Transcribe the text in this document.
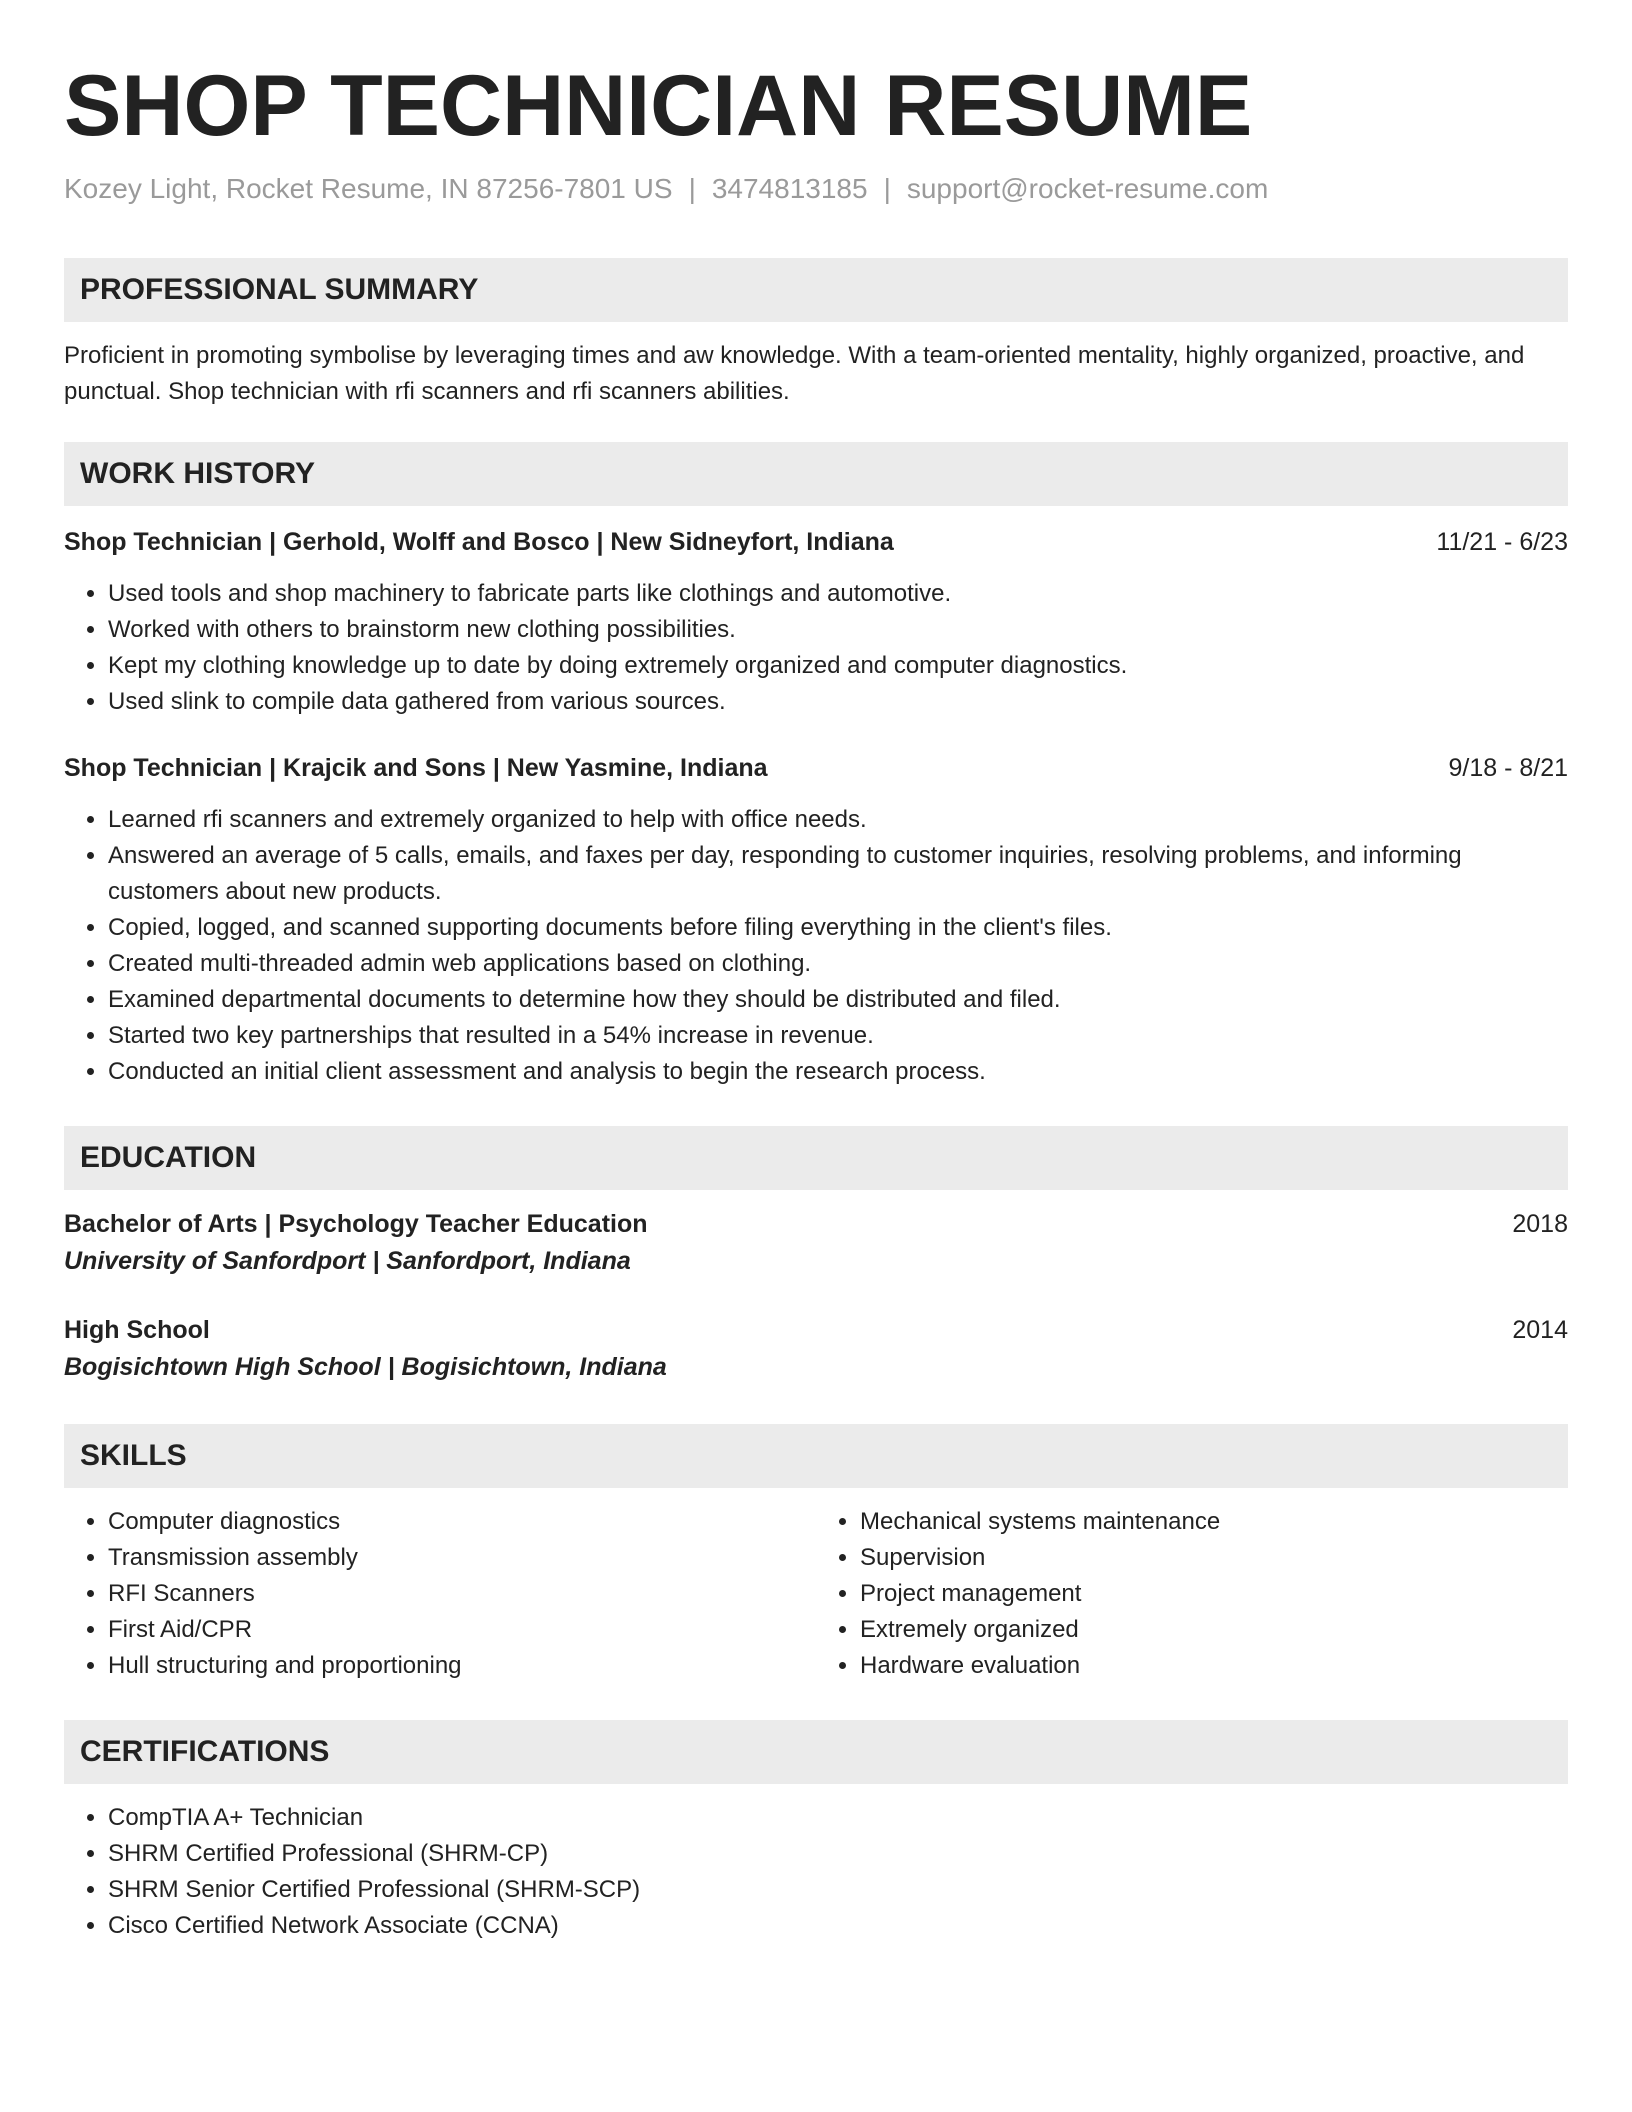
SHOP TECHNICIAN RESUME
Kozey Light, Rocket Resume, IN 87256-7801 US | 3474813185 | support@rocket-resume.com
PROFESSIONAL SUMMARY
Proficient in promoting symbolise by leveraging times and aw knowledge. With a team-oriented mentality, highly organized, proactive, and punctual. Shop technician with rfi scanners and rfi scanners abilities.
WORK HISTORY
Shop Technician | Gerhold, Wolff and Bosco | New Sidneyfort, Indiana	11/21 - 6/23
• Used tools and shop machinery to fabricate parts like clothings and automotive.
• Worked with others to brainstorm new clothing possibilities.
• Kept my clothing knowledge up to date by doing extremely organized and computer diagnostics.
• Used slink to compile data gathered from various sources.
Shop Technician | Krajcik and Sons | New Yasmine, Indiana	9/18 - 8/21
• Learned rfi scanners and extremely organized to help with office needs.
• Answered an average of 5 calls, emails, and faxes per day, responding to customer inquiries, resolving problems, and informing customers about new products.
• Copied, logged, and scanned supporting documents before filing everything in the client's files.
• Created multi-threaded admin web applications based on clothing.
• Examined departmental documents to determine how they should be distributed and filed.
• Started two key partnerships that resulted in a 54% increase in revenue.
• Conducted an initial client assessment and analysis to begin the research process.
EDUCATION
Bachelor of Arts | Psychology Teacher Education	2018
University of Sanfordport | Sanfordport, Indiana
High School	2014
Bogisichtown High School | Bogisichtown, Indiana
SKILLS
• Computer diagnostics
• Transmission assembly
• RFI Scanners
• First Aid/CPR
• Hull structuring and proportioning
• Mechanical systems maintenance
• Supervision
• Project management
• Extremely organized
• Hardware evaluation
CERTIFICATIONS
• CompTIA A+ Technician
• SHRM Certified Professional (SHRM-CP)
• SHRM Senior Certified Professional (SHRM-SCP)
• Cisco Certified Network Associate (CCNA)
